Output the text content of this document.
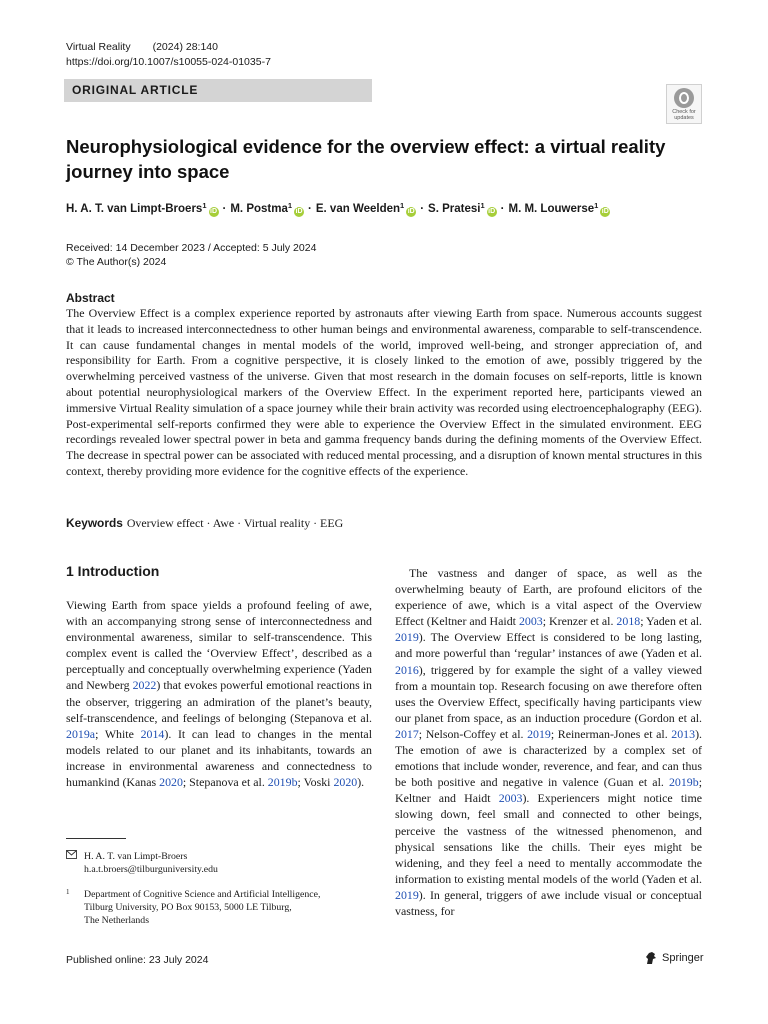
Virtual Reality (2024) 28:140
https://doi.org/10.1007/s10055-024-01035-7
ORIGINAL ARTICLE
Check for
updates
Neurophysiological evidence for the overview effect: a virtual reality journey into space
H. A. T. van Limpt-Broers$^1$iD · M. Postma$^1$iD · E. van Weelden$^1$iD · S. Pratesi$^1$iD · M. M. Louwerse$^1$iD
Received: 14 December 2023 / Accepted: 5 July 2024
© The Author(s) 2024
Abstract
The Overview Effect is a complex experience reported by astronauts after viewing Earth from space. Numerous accounts suggest that it leads to increased interconnectedness to other human beings and environmental awareness, comparable to self-transcendence. It can cause fundamental changes in mental models of the world, improved well-being, and stronger appreciation of, and responsibility for Earth. From a cognitive perspective, it is closely linked to the emotion of awe, possibly triggered by the overwhelming perceived vastness of the universe. Given that most research in the domain focuses on self-reports, little is known about potential neurophysiological markers of the Overview Effect. In the experiment reported here, participants viewed an immersive Virtual Reality simulation of a space journey while their brain activity was recorded using electroencephalography (EEG). Post-experimental self-reports confirmed they were able to experience the Overview Effect in the simulated environment. EEG recordings revealed lower spectral power in beta and gamma frequency bands during the defining moments of the Overview Effect. The decrease in spectral power can be associated with reduced mental processing, and a disruption of known mental structures in this context, thereby providing more evidence for the cognitive effects of the experience.
Keywords Overview effect · Awe · Virtual reality · EEG
1 Introduction
Viewing Earth from space yields a profound feeling of awe, with an accompanying strong sense of interconnectedness and environmental awareness, similar to self-transcendence. This complex event is called the ‘Overview Effect’, described as a perceptually and conceptually overwhelming experience (Yaden and Newberg 2022) that evokes powerful emotional reactions in the observer, triggering an admiration of the planet’s beauty, self-transcendence, and feelings of belonging (Stepanova et al. 2019a; White 2014). It can lead to changes in the mental models related to our planet and its inhabitants, towards an increase in environmental awareness and connectedness to humankind (Kanas 2020; Stepanova et al. 2019b; Voski 2020).
The vastness and danger of space, as well as the overwhelming beauty of Earth, are profound elicitors of the experience of awe, which is a vital aspect of the Overview Effect (Keltner and Haidt 2003; Krenzer et al. 2018; Yaden et al. 2019). The Overview Effect is considered to be long lasting, and more powerful than ‘regular’ instances of awe (Yaden et al. 2016), triggered by for example the sight of a valley viewed from a mountain top. Research focusing on awe therefore often uses the Overview Effect, specifically having participants view our planet from space, as an induction procedure (Gordon et al. 2017; Nelson-Coffey et al. 2019; Reinerman-Jones et al. 2013). The emotion of awe is characterized by a complex set of emotions that include wonder, reverence, and fear, and can thus be both positive and negative in valence (Guan et al. 2019b; Keltner and Haidt 2003). Experiencers might notice time slowing down, feel small and connected to other beings, perceive the vastness of the witnessed phenomenon, and physical sensations like the chills. Their eyes might be widening, and they feel a need to mentally accommodate the information to existing mental models of the world (Yaden et al. 2019). In general, triggers of awe include visual or conceptual vastness, for
H. A. T. van Limpt-Broers
h.a.t.broers@tilburguniversity.edu
1 Department of Cognitive Science and Artificial Intelligence,
Tilburg University, PO Box 90153, 5000 LE Tilburg,
The Netherlands
Published online: 23 July 2024	Springer
